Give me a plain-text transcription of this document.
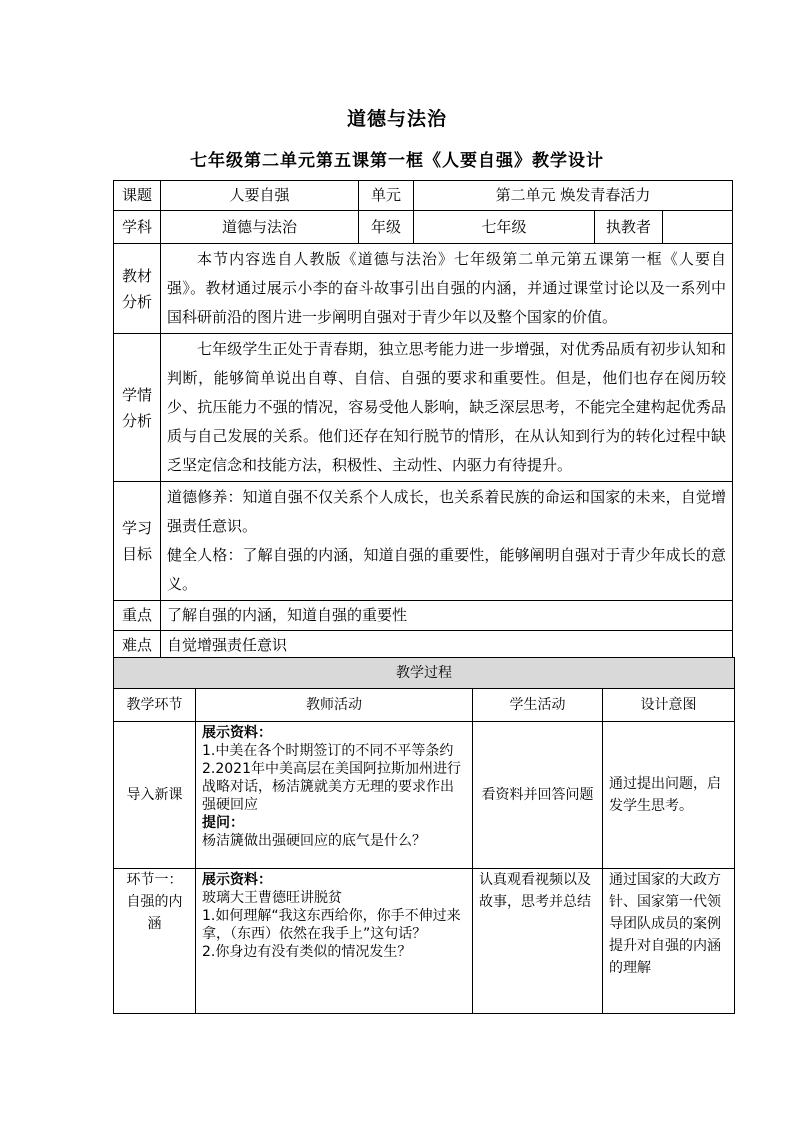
道德与法治
七年级第二单元第五课第一框《人要自强》教学设计
课题	人要自强	单元	第二单元 焕发青春活力		
学科	道德与法治	年级	七年级	执教者	

教材
分析	本节内容选自人教版《道德与法治》七年级第二单元第五课第一框《人要自强》。教材通过展示小李的奋斗故事引出自强的内涵，并通过课堂讨论以及一系列中国科研前沿的图片进一步阐明自强对于青少年以及整个国家的价值。				

学情
分析	七年级学生正处于青春期，独立思考能力进一步增强，对优秀品质有初步认知和判断，能够简单说出自尊、自信、自强的要求和重要性。但是，他们也存在阅历较少、抗压能力不强的情况，容易受他人影响，缺乏深层思考，不能完全建构起优秀品质与自己发展的关系。他们还存在知行脱节的情形，在从认知到行为的转化过程中缺乏坚定信念和技能方法，积极性、主动性、内驱力有待提升。				

学习
目标	道德修养：知道自强不仅关系个人成长，也关系着民族的命运和国家的未来，自觉增强责任意识。
健全人格：了解自强的内涵，知道自强的重要性，能够阐明自强对于青少年成长的意义。				

重点	了解自强的内涵，知道自强的重要性				
难点	自觉增强责任意识				
教学过程			
教学环节	教师活动	学生活动	设计意图
导入新课	展示资料：
1.中美在各个时期签订的不同不平等条约
2.2021年中美高层在美国阿拉斯加州进行战略对话，杨洁篪就美方无理的要求作出强硬回应
提问：
杨洁篪做出强硬回应的底气是什么？	看资料并回答问题	通过提出问题，启发学生思考。
环节一：自强的内涵	展示资料：
玻璃大王曹德旺讲脱贫
1.如何理解“我这东西给你，你手不伸过来拿，（东西）依然在我手上”这句话？
2.你身边有没有类似的情况发生？	认真观看视频以及故事，思考并总结	通过国家的大政方针、国家第一代领导团队成员的案例提升对自强的内涵的理解
